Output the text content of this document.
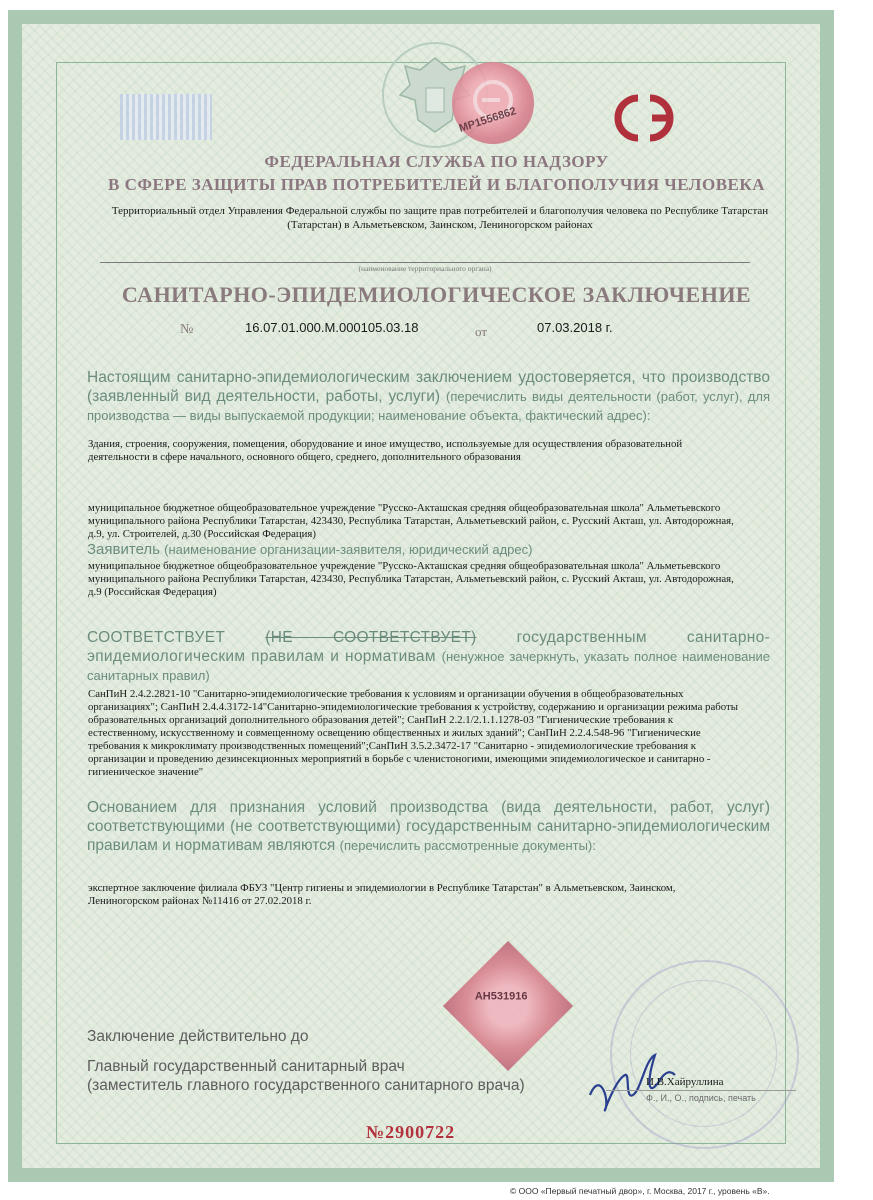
МР1556862
ФЕДЕРАЛЬНАЯ СЛУЖБА ПО НАДЗОРУ
В СФЕРЕ ЗАЩИТЫ ПРАВ ПОТРЕБИТЕЛЕЙ И БЛАГОПОЛУЧИЯ ЧЕЛОВЕКА
Территориальный отдел Управления Федеральной службы по защите прав потребителей и благополучия человека по Республике Татарстан (Татарстан) в Альметьевском, Заинском, Лениногорском районах
(наименование территориального органа)
САНИТАРНО-ЭПИДЕМИОЛОГИЧЕСКОЕ ЗАКЛЮЧЕНИЕ
№	16.07.01.000.М.000105.03.18	от	07.03.2018 г.
Настоящим санитарно-эпидемиологическим заключением удостоверяется, что производство (заявленный вид деятельности, работы, услуги) (перечислить виды деятельности (работ, услуг), для производства — виды выпускаемой продукции; наименование объекта, фактический адрес):
Здания, строения, сооружения, помещения, оборудование и иное имущество, используемые для осуществления образовательной деятельности в сфере начального, основного общего, среднего, дополнительного образования
муниципальное бюджетное общеобразовательное учреждение "Русско-Акташская средняя общеобразовательная школа" Альметьевского муниципального района Республики Татарстан, 423430, Республика Татарстан, Альметьевский район, с. Русский Акташ, ул. Автодорожная, д.9, ул. Строителей, д.30 (Российская Федерация)
Заявитель (наименование организации-заявителя, юридический адрес)
муниципальное бюджетное общеобразовательное учреждение "Русско-Акташская средняя общеобразовательная школа" Альметьевского муниципального района Республики Татарстан, 423430, Республика Татарстан, Альметьевский район, с. Русский Акташ, ул. Автодорожная, д.9 (Российская Федерация)
СООТВЕТСТВУЕТ	(НЕ СООТВЕТСТВУЕТ)	государственным санитарно-эпидемиологическим правилам и нормативам (ненужное зачеркнуть, указать полное наименование санитарных правил)
СанПиН 2.4.2.2821-10 "Санитарно-эпидемиологические требования к условиям и организации обучения в общеобразовательных организациях"; СанПиН 2.4.4.3172-14"Санитарно-эпидемиологические требования к устройству, содержанию и организации режима работы образовательных организаций дополнительного образования детей"; СанПиН 2.2.1/2.1.1.1278-03 "Гигиенические требования к естественному, искусственному и совмещенному освещению общественных и жилых зданий"; СанПиН 2.2.4.548-96 "Гигиенические требования к микроклимату производственных помещений";СанПиН 3.5.2.3472-17 "Санитарно - эпидемиологические требования к организации и проведению дезинсекционных мероприятий в борьбе с членистоногими, имеющими эпидемиологическое и санитарно - гигиеническое значение"
Основанием для признания условий производства (вида деятельности, работ, услуг) соответствующими (не соответствующими) государственным санитарно-эпидемиологическим правилам и нормативам являются (перечислить рассмотренные документы):
экспертное заключение филиала ФБУЗ "Центр гигиены и эпидемиологии в Республике Татарстан" в Альметьевском, Заинском, Лениногорском районах №11416 от 27.02.2018 г.
АН531916
Заключение действительно до
Главный государственный санитарный врач
(заместитель главного государственного санитарного врача)	И.В.Хайруллина
Ф., И., О., подпись, печать
№2900722
© ООО «Первый печатный двор», г. Москва, 2017 г., уровень «В».
